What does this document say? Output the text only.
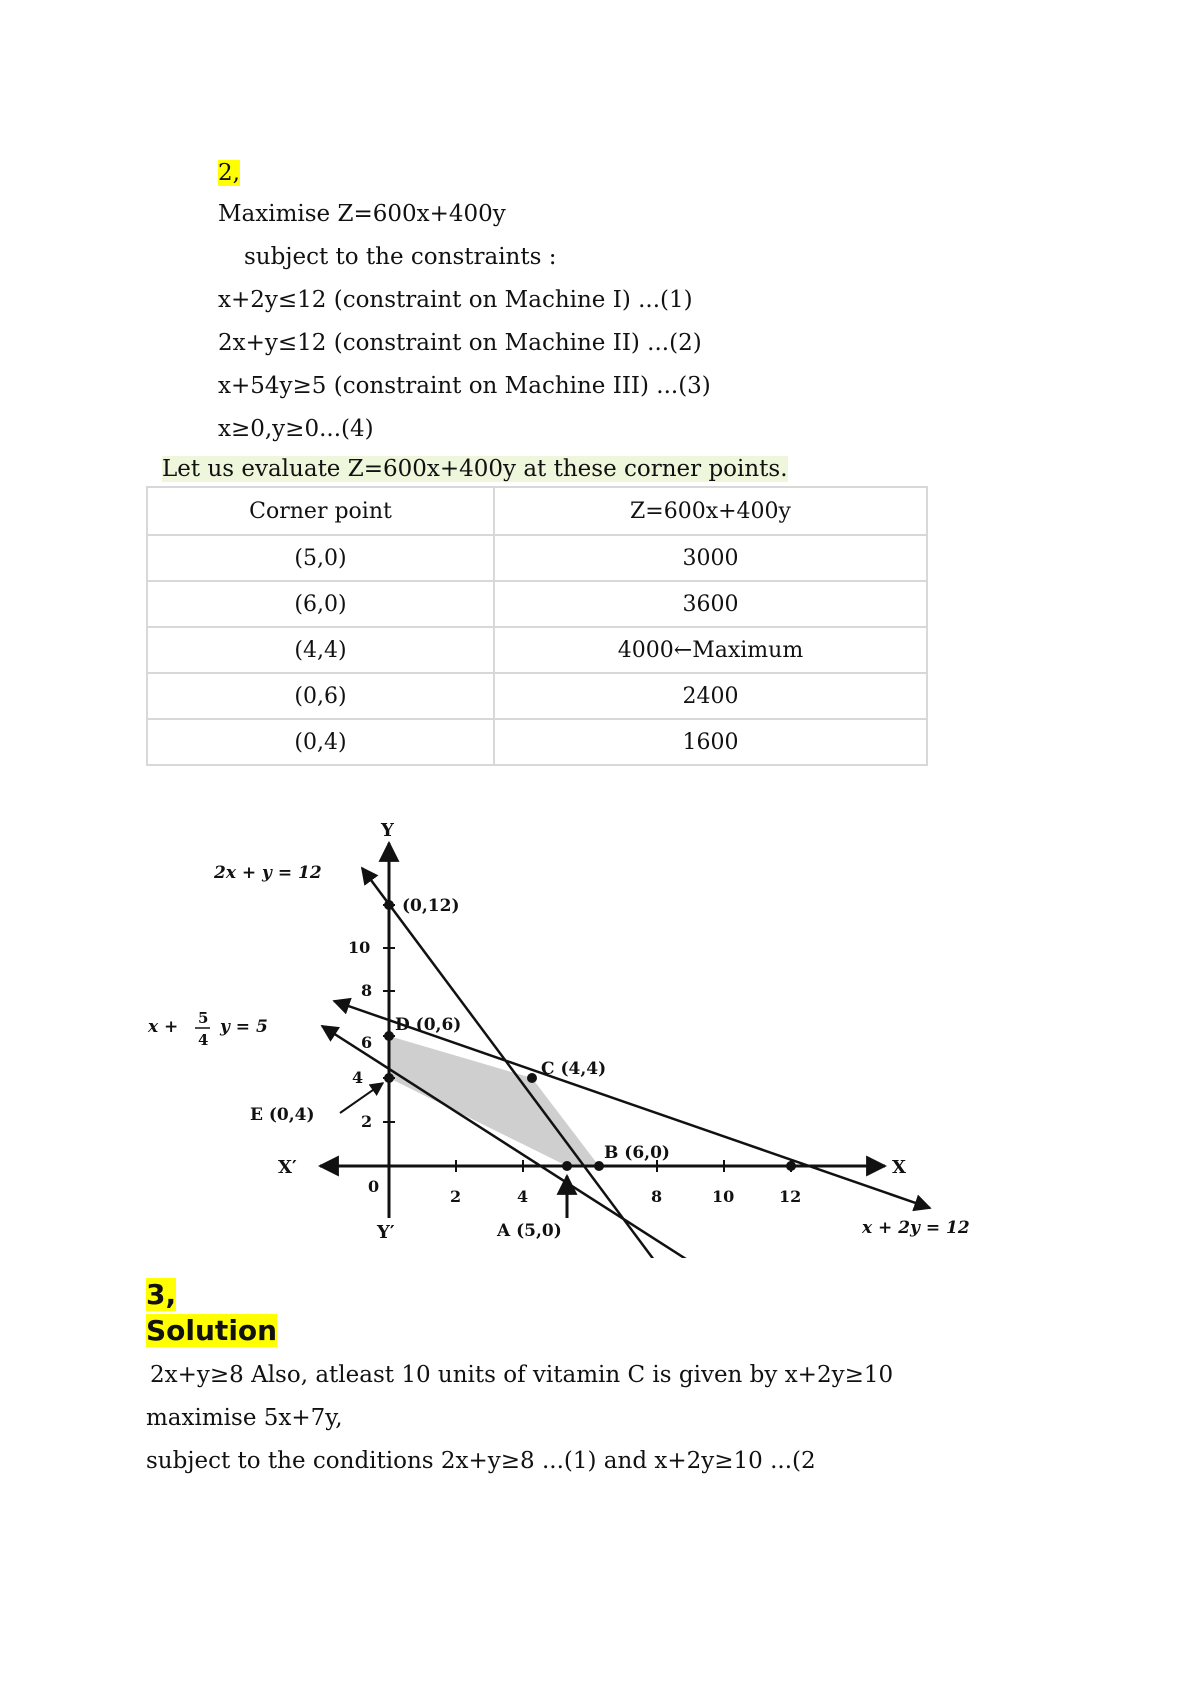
2,
Maximise Z=600x+400y
subject to the constraints :
x+2y≤12 (constraint on Machine I) ...(1)
2x+y≤12 (constraint on Machine II) ...(2)
x+54y≥5 (constraint on Machine III) ...(3)
x≥0,y≥0...(4)
Let us evaluate Z=600x+400y at these corner points.
Corner point	Z=600x+400y
(5,0)	3000
(6,0)	3600
(4,4)	4000←Maximum
(0,6)	2400
(0,4)	1600
Y
Y′
X
X′
0
2	4	8	10	12
2
4
6
8
10
2x + y = 12
x + 5
4
y = 5
x + 2y = 12
(0,12)
D (0,6)
C (4,4)
B (6,0)
E (0,4)
A (5,0)
3,
Solution
2x+y≥8 Also, atleast 10 units of vitamin C is given by x+2y≥10
maximise 5x+7y,
subject to the conditions 2x+y≥8 ...(1) and x+2y≥10 ...(2
